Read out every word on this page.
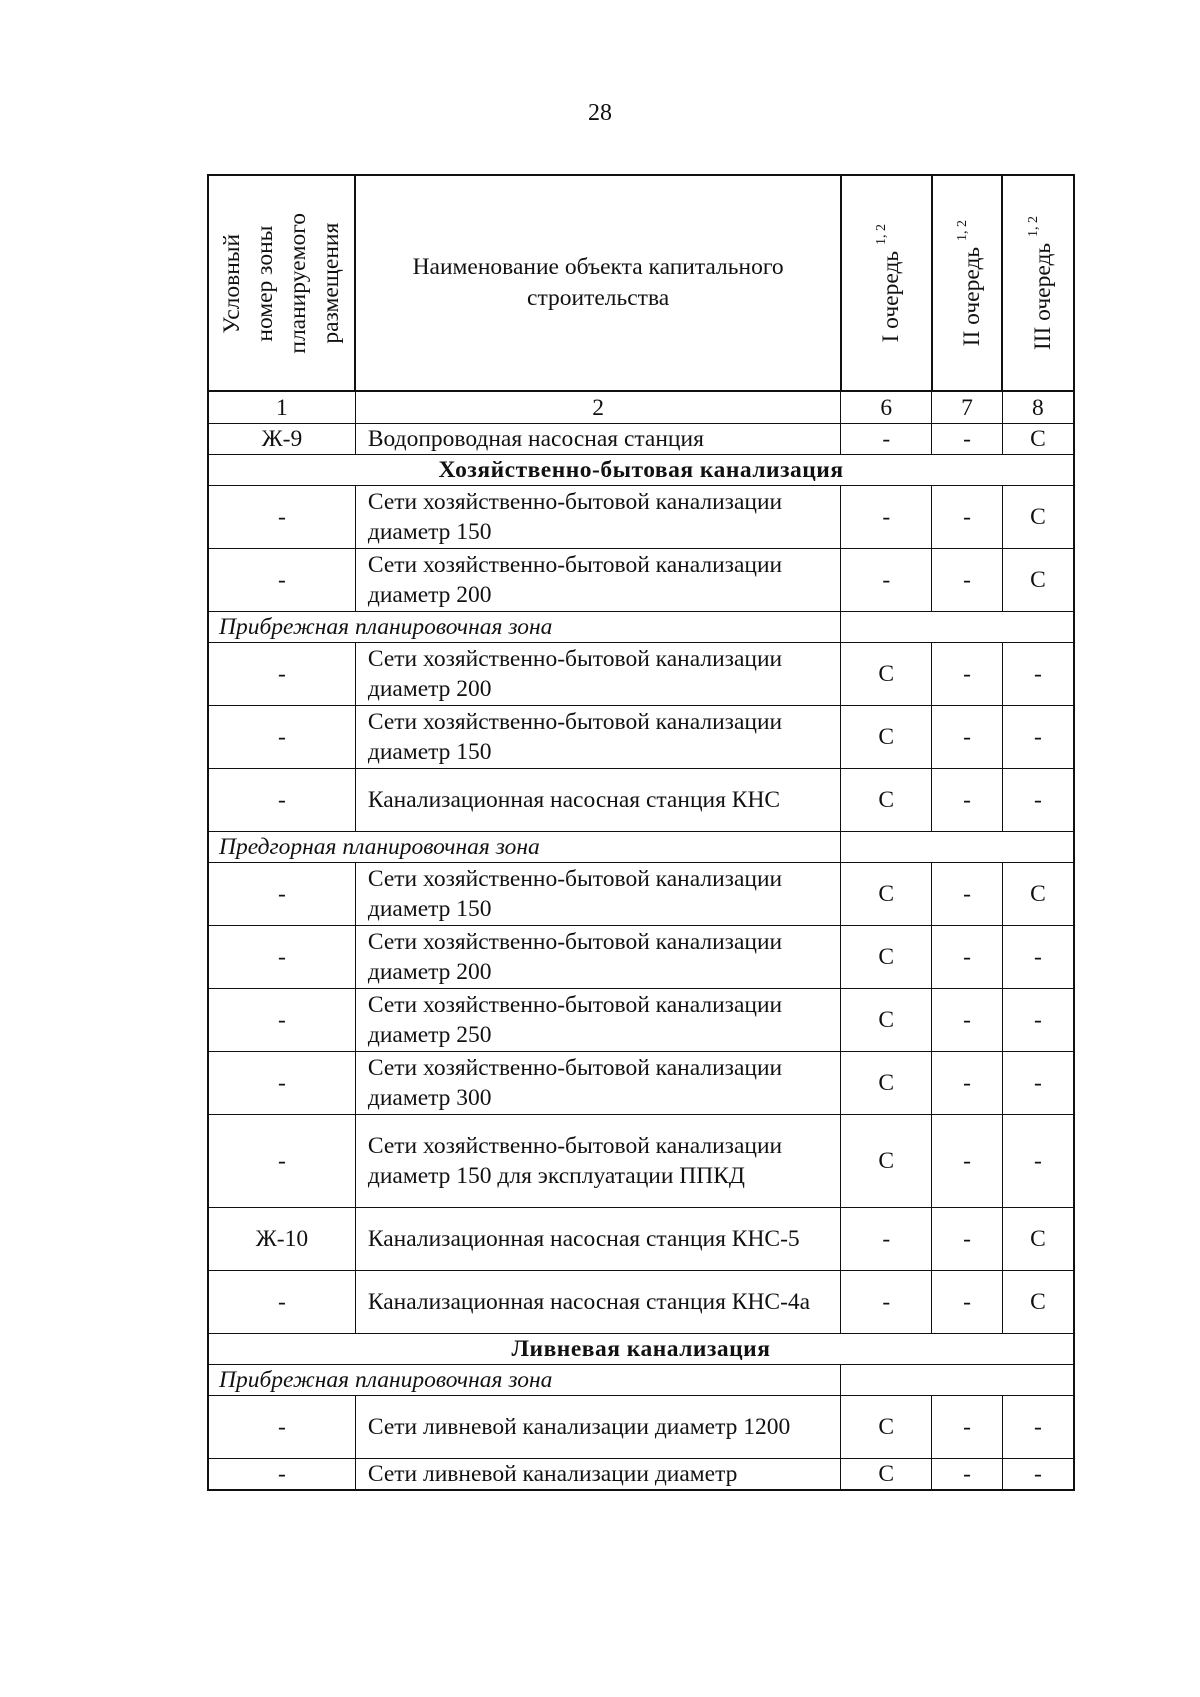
28
Условный номер зоны планируемого размещения	Наименование объекта капитального строительства	I очередь $^{1, 2}$	II очередь $^{1, 2}$	III очередь $^{1, 2}$

1	2	6	7	8
Ж-9	Водопроводная насосная станция	-	-	С
Хозяйственно-бытовая канализация				
-	Сети хозяйственно-бытовой канализации диаметр 150	-	-	С
-	Сети хозяйственно-бытовой канализации диаметр 200	-	-	С
Прибрежная планировочная зона				
-	Сети хозяйственно-бытовой канализации диаметр 200	С	-	-
-	Сети хозяйственно-бытовой канализации диаметр 150	С	-	-
-	Канализационная насосная станция КНС	С	-	-
Предгорная планировочная зона				
-	Сети хозяйственно-бытовой канализации диаметр 150	С	-	С
-	Сети хозяйственно-бытовой канализации диаметр 200	С	-	-
-	Сети хозяйственно-бытовой канализации диаметр 250	С	-	-
-	Сети хозяйственно-бытовой канализации диаметр 300	С	-	-
-	Сети хозяйственно-бытовой канализации диаметр 150 для эксплуатации ППКД	С	-	-
Ж-10	Канализационная насосная станция КНС-5	-	-	С
-	Канализационная насосная станция КНС-4а	-	-	С
Ливневая канализация				
Прибрежная планировочная зона				
-	Сети ливневой канализации диаметр 1200	С	-	-
-	Сети ливневой канализации диаметр	С	-	-
